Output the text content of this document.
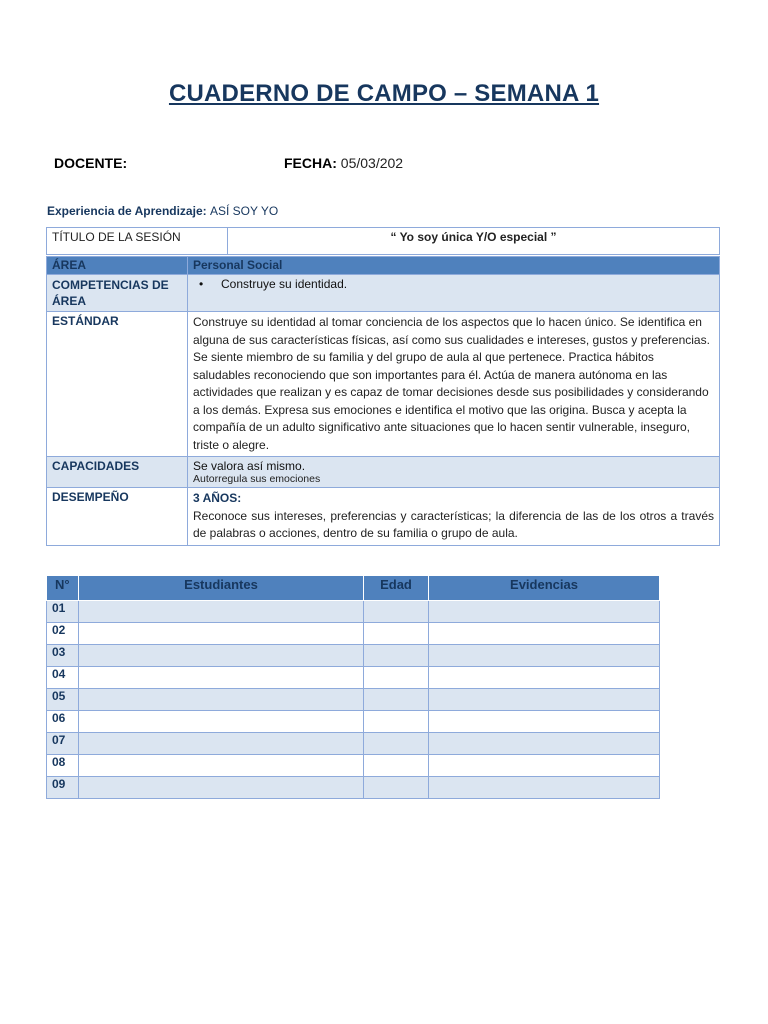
CUADERNO DE CAMPO – SEMANA 1
DOCENTE:	FECHA: 05/03/202
Experiencia de Aprendizaje: ASÍ SOY YO
TÍTULO DE LA SESIÓN	“ Yo soy única Y/O especial ”
ÁREA	Personal Social
COMPETENCIAS DE ÁREA	• Construye su identidad.
ESTÁNDAR	Construye su identidad al tomar conciencia de los aspectos que lo hacen único. Se identifica en alguna de sus características físicas, así como sus cualidades e intereses, gustos y preferencias. Se siente miembro de su familia y del grupo de aula al que pertenece. Practica hábitos saludables reconociendo que son importantes para él. Actúa de manera autónoma en las actividades que realizan y es capaz de tomar decisiones desde sus posibilidades y considerando a los demás. Expresa sus emociones e identifica el motivo que las origina. Busca y acepta la compañía de un adulto significativo ante situaciones que lo hacen sentir vulnerable, inseguro, triste o alegre.
CAPACIDADES	Se valora así mismo.
Autorregula sus emociones

DESEMPEÑO	3 AÑOS:
Reconoce sus intereses, preferencias y características; la diferencia de las de los otros a través de palabras o acciones, dentro de su familia o grupo de aula.
N°	Estudiantes	Edad	Evidencias
01			
02			
03			
04			
05			
06			
07			
08			
09			
